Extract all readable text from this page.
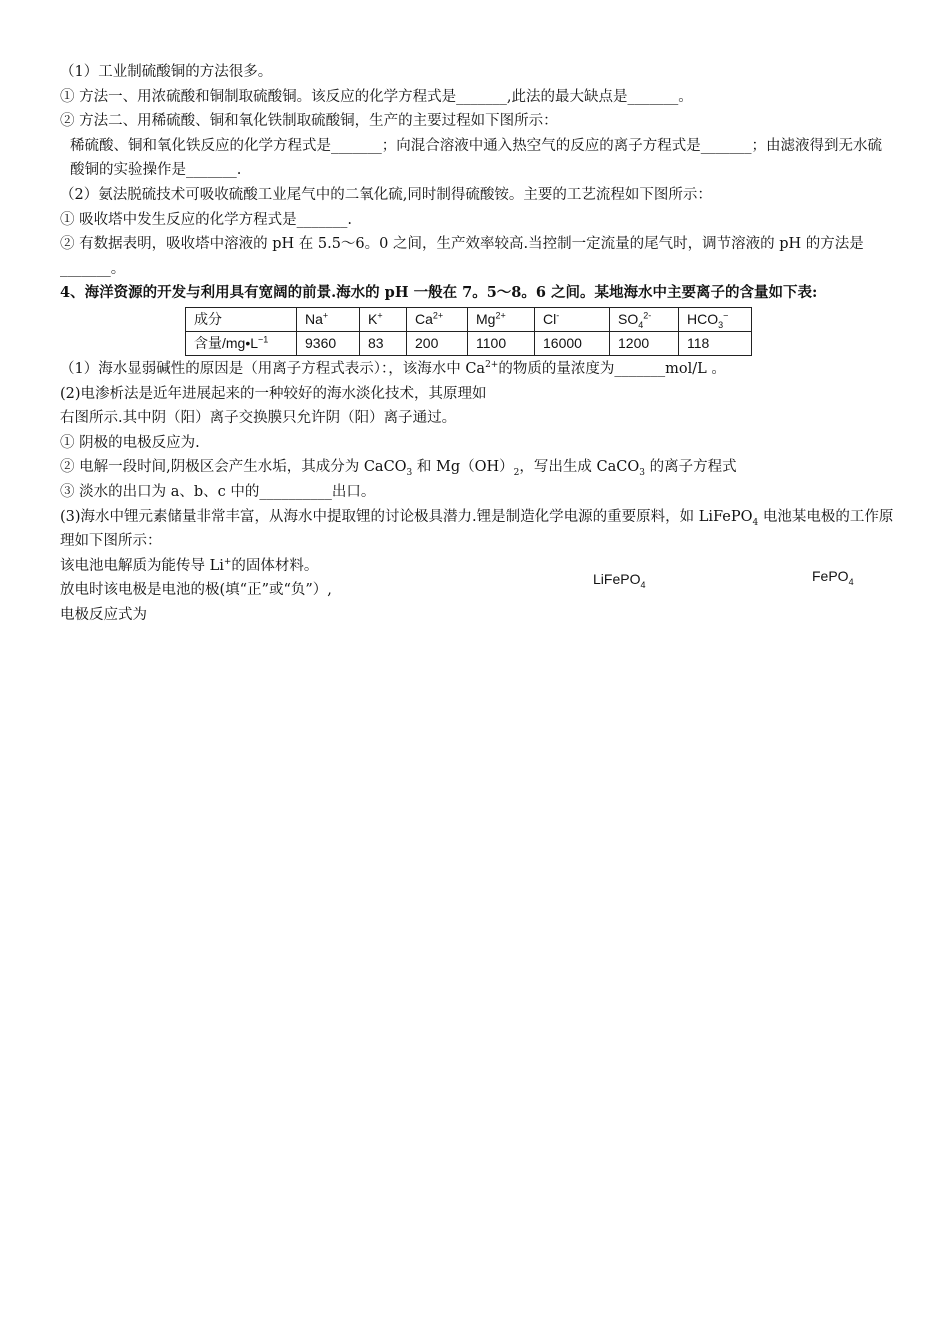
（1）工业制硫酸铜的方法很多。
① 方法一、用浓硫酸和铜制取硫酸铜。该反应的化学方程式是_______,此法的最大缺点是_______。
② 方法二、用稀硫酸、铜和氧化铁制取硫酸铜，生产的主要过程如下图所示：
稀硫酸、铜和氧化铁反应的化学方程式是_______；向混合溶液中通入热空气的反应的离子方程式是_______；由滤液得到无水硫酸铜的实验操作是_______.
（2）氨法脱硫技术可吸收硫酸工业尾气中的二氧化硫,同时制得硫酸铵。主要的工艺流程如下图所示：
① 吸收塔中发生反应的化学方程式是_______.
② 有数据表明，吸收塔中溶液的 pH 在 5.5～6。0 之间，生产效率较高.当控制一定流量的尾气时，调节溶液的 pH 的方法是_______。
4、海洋资源的开发与利用具有宽阔的前景.海水的 pH 一般在 7。5～8。6 之间。某地海水中主要离子的含量如下表:
成分	Na+	K+	$Ca^{2+}$	$Mg^{2+}$	Cl-	$SO_4^{2-}$	$HCO_3^-$
含量$/mg•L^{-1}$	9360	83	200	1100	16000	1200	118
（1）海水显弱碱性的原因是（用离子方程式表示）：，该海水中 $Ca^{2+}$的物质的量浓度为_______mol/L 。
(2)电渗析法是近年进展起来的一种较好的海水淡化技术，其原理如
右图所示.其中阴（阳）离子交换膜只允许阴（阳）离子通过。
① 阴极的电极反应为.
② 电解一段时间,阴极区会产生水垢，其成分为 CaCO$_3$ 和 $Mg(OH)_2$，写出生成 CaCO$_3$ 的离子方程式
③ 淡水的出口为 a、b、c 中的__________出口。
(3)海水中锂元素储量非常丰富，从海水中提取锂的讨论极具潜力.锂是制造化学电源的重要原料，如 LiFePO$_4$ 电池某电极的工作原理如下图所示：
该电池电解质为能传导 Li+的固体材料。
放电时该电极是电池的极(填“正”或“负”）,
电极反应式为
LiFePO$_4$
FePO$_4$
